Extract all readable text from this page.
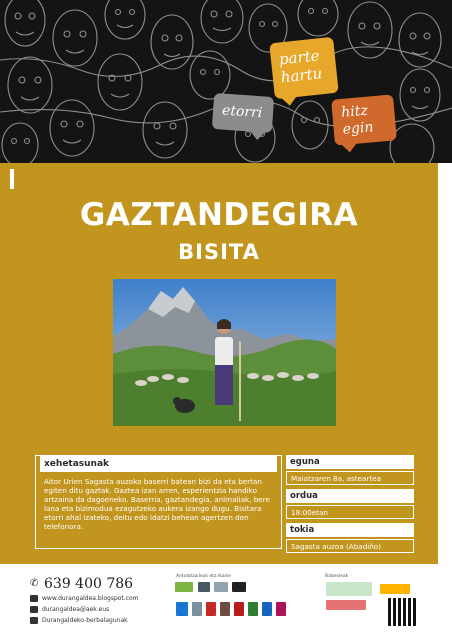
parte
hartu
etorri	hitz
egin
GAZTANDEGIRA
BISITA
xehetasunak
Aitor Urien Sagasta auzoko baserri batean bizi da eta bertan egiten ditu gaztak. Gaztea izan arren, esperientzia handiko artzaina da dagoeneko. Baserria, gaztandegia, animaliak, bere lana eta bizimodua ezagutzeko aukera izango dugu. Bisitara etorri ahal izateko, deitu edo idatzi behean agertzen den telefonora.
eguna
Maiatzaren 8a, asteartea
ordua
18:00etan
tokia
Sagasta auzoa (Abadiño)
✆ 639 400 786
www.durangaldea.blogspot.com
durangaldea@aek.eus
Durangaldeko-berbalagunak
Antolatzaileak eta lkasle	Babesleak
